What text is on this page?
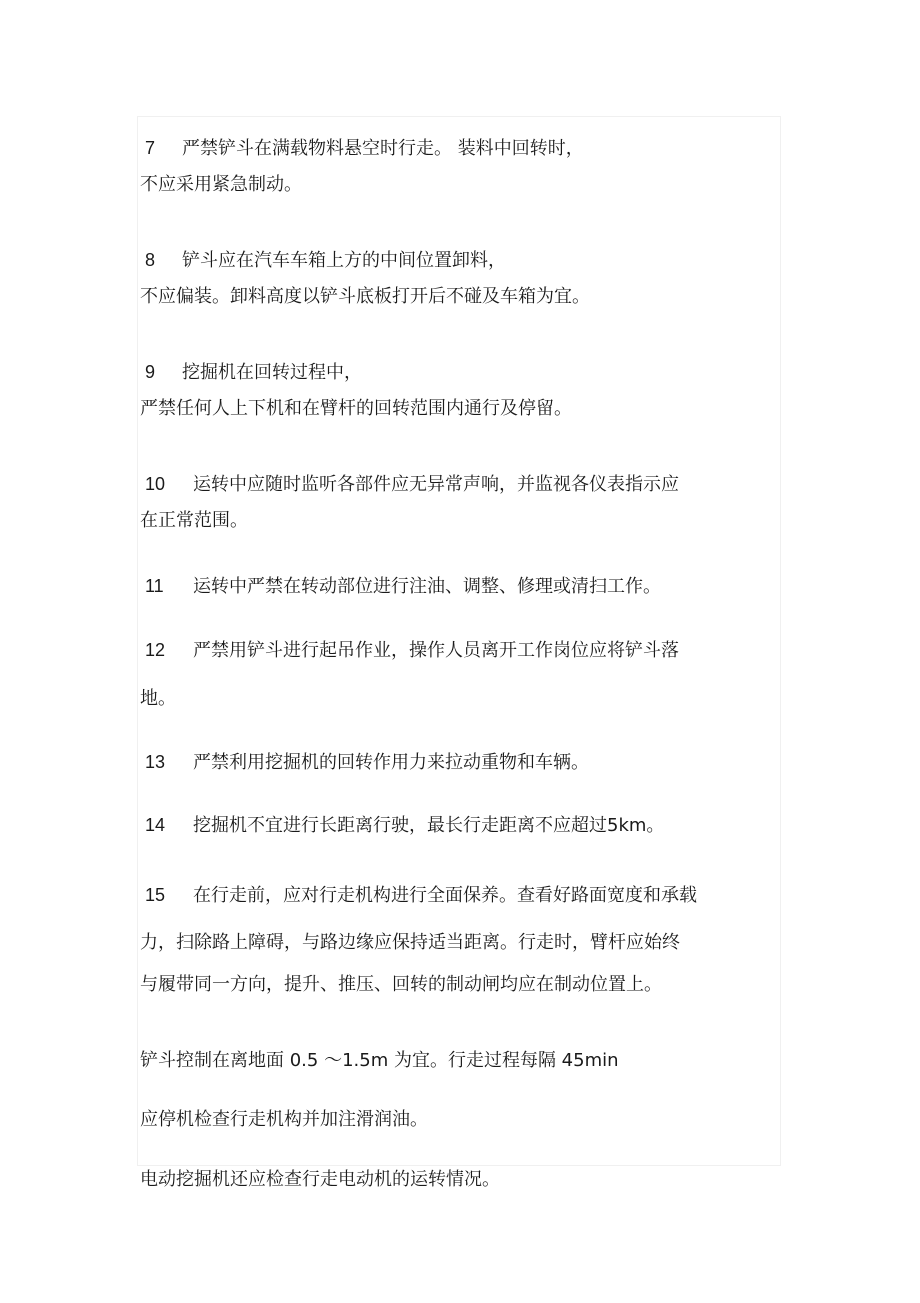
7 严禁铲斗在满载物料悬空时行走。 装料中回转时，
不应采用紧急制动。
8 铲斗应在汽车车箱上方的中间位置卸料，
不应偏装。卸料高度以铲斗底板打开后不碰及车箱为宜。
9 挖掘机在回转过程中，
严禁任何人上下机和在臂杆的回转范围内通行及停留。
10 运转中应随时监听各部件应无异常声响，并监视各仪表指示应
在正常范围。
11 运转中严禁在转动部位进行注油、调整、修理或清扫工作。
12 严禁用铲斗进行起吊作业，操作人员离开工作岗位应将铲斗落
地。
13 严禁利用挖掘机的回转作用力来拉动重物和车辆。
14 挖掘机不宜进行长距离行驶，最长行走距离不应超过5km。
15 在行走前，应对行走机构进行全面保养。查看好路面宽度和承载
力，扫除路上障碍，与路边缘应保持适当距离。行走时，臂杆应始终
与履带同一方向，提升、推压、回转的制动闸均应在制动位置上。
铲斗控制在离地面 0.5 ～1.5m 为宜。行走过程每隔 45min
应停机检查行走机构并加注滑润油。
电动挖掘机还应检查行走电动机的运转情况。
